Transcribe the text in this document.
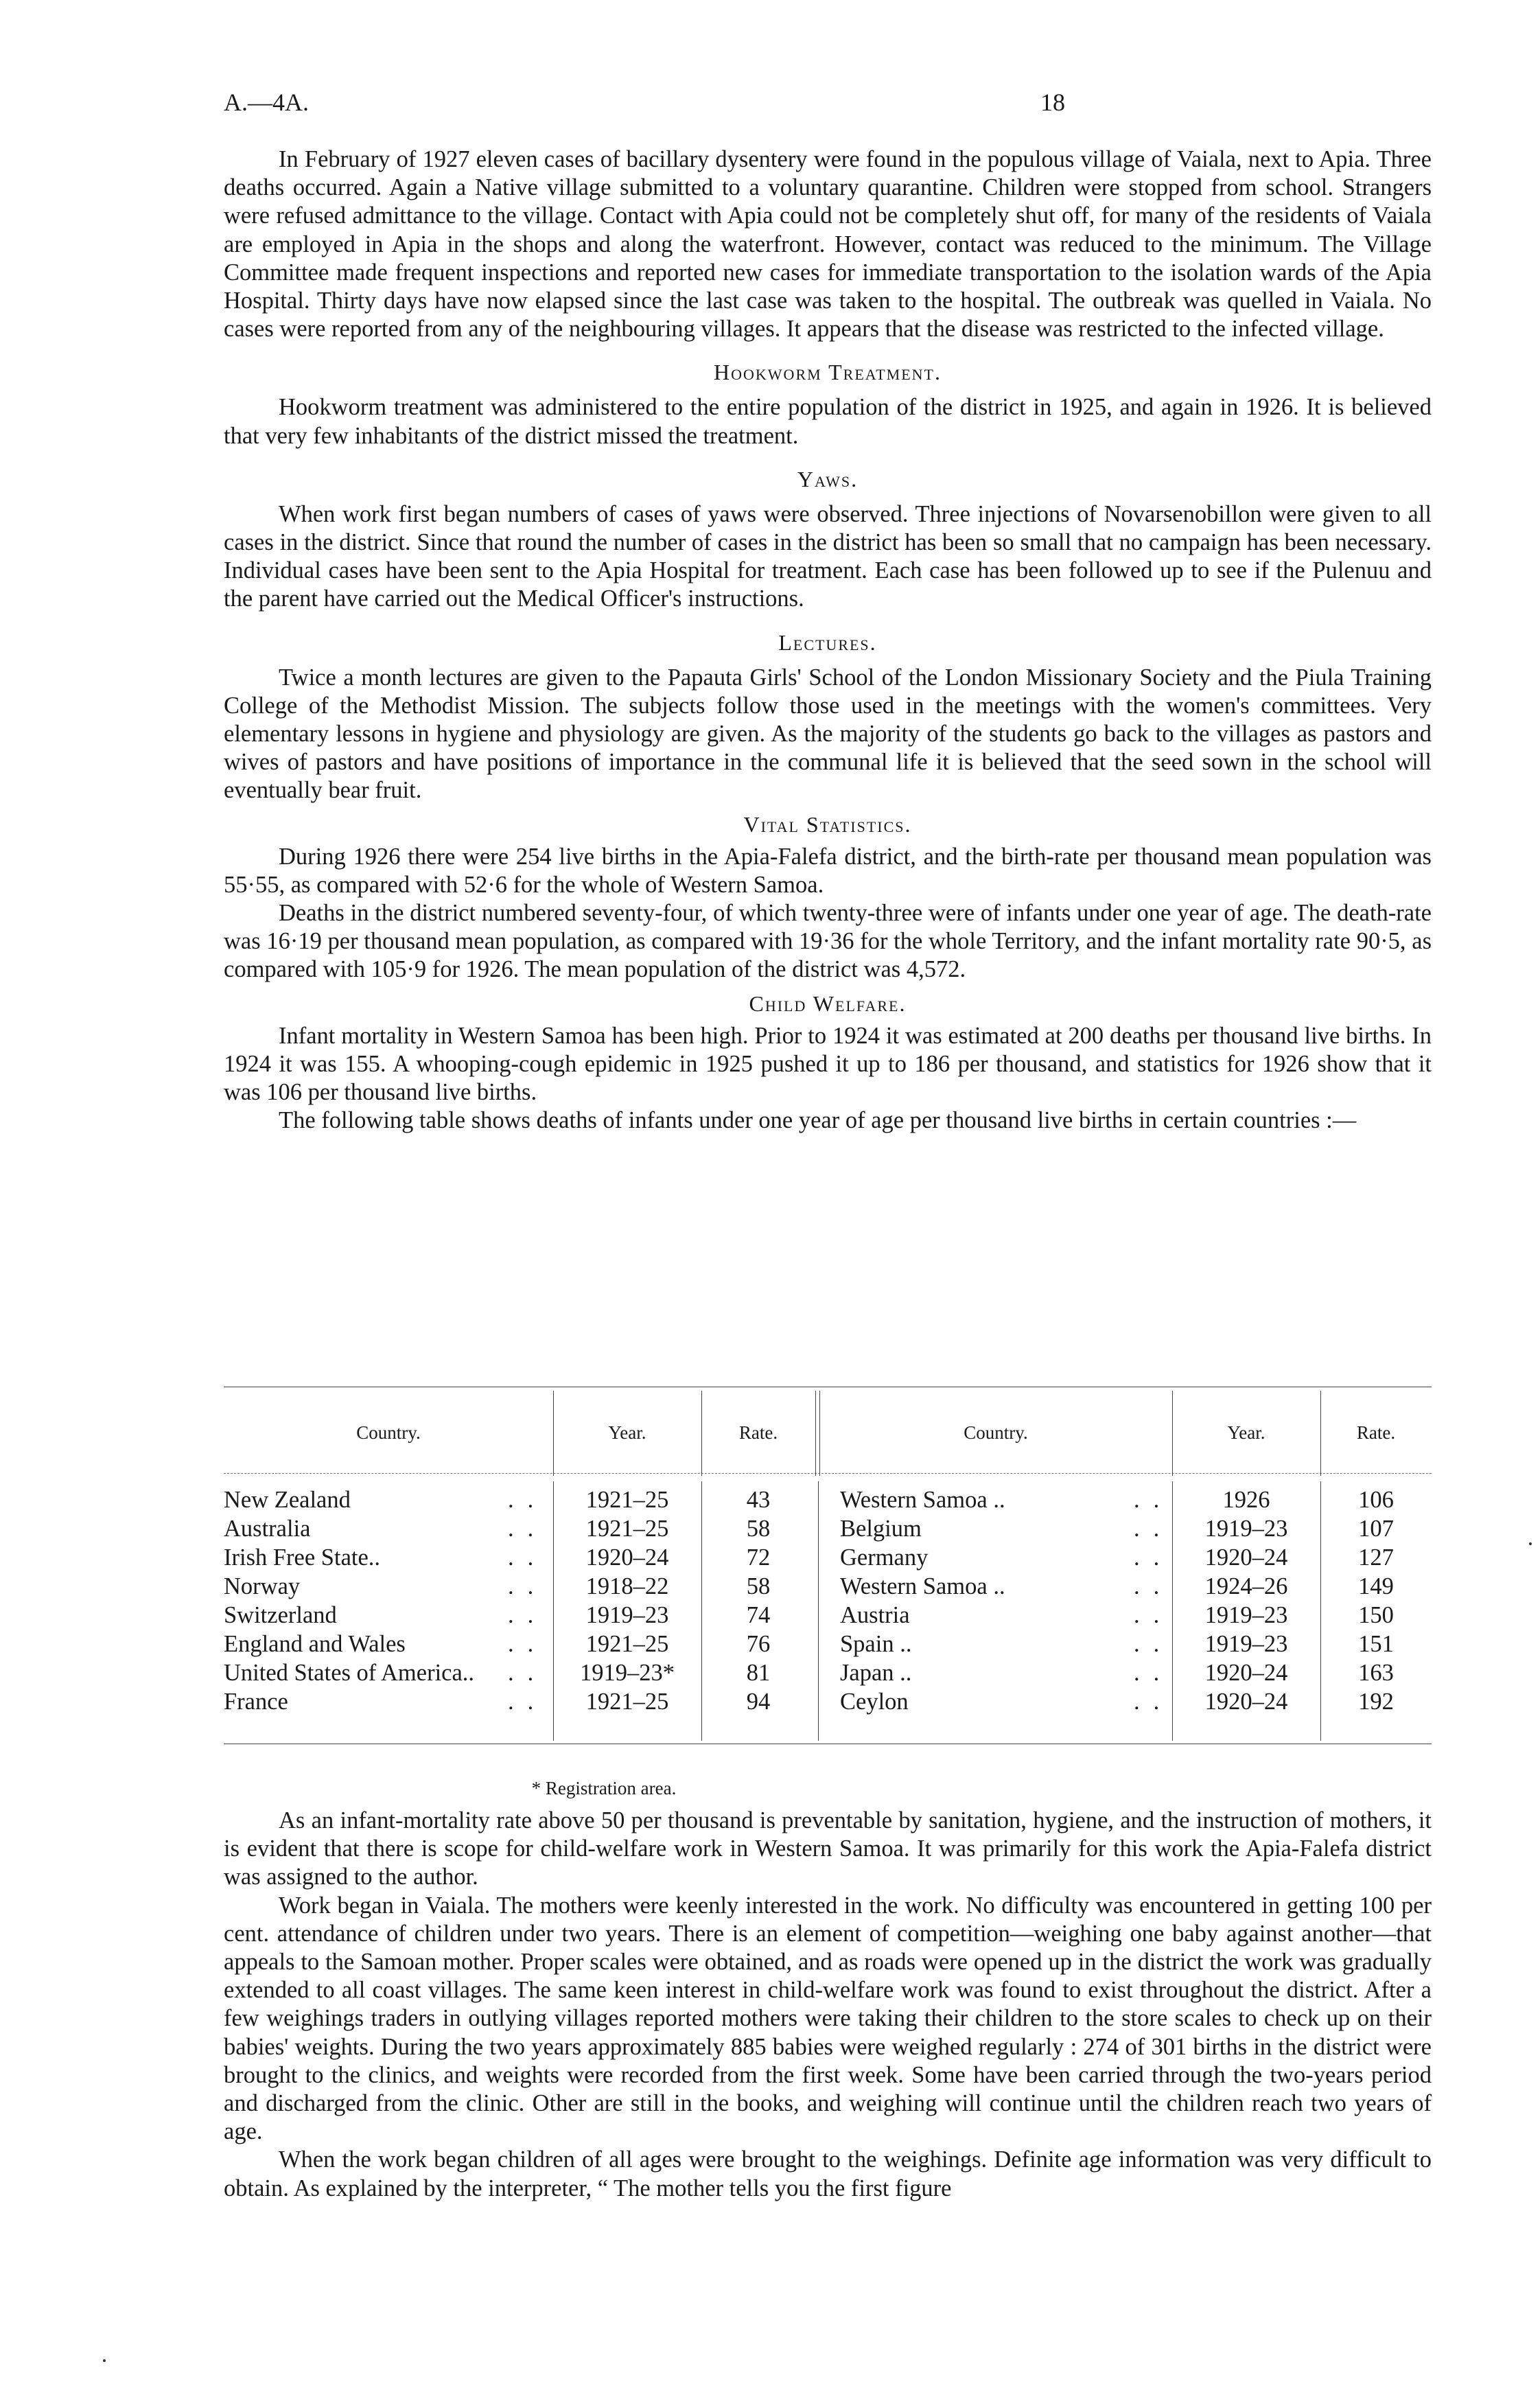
A.—4A.	18

In February of 1927 eleven cases of bacillary dysentery were found in the populous village of Vaiala, next to Apia. Three deaths occurred. Again a Native village submitted to a voluntary quarantine. Children were stopped from school. Strangers were refused admittance to the village. Contact with Apia could not be completely shut off, for many of the residents of Vaiala are employed in Apia in the shops and along the waterfront. However, contact was reduced to the minimum. The Village Committee made frequent inspections and reported new cases for immediate transportation to the isolation wards of the Apia Hospital. Thirty days have now elapsed since the last case was taken to the hospital. The outbreak was quelled in Vaiala. No cases were reported from any of the neighbouring villages. It appears that the disease was restricted to the infected village.

Hookworm Treatment.

Hookworm treatment was administered to the entire population of the district in 1925, and again in 1926. It is believed that very few inhabitants of the district missed the treatment.

Yaws.

When work first began numbers of cases of yaws were observed. Three injections of Novarsenobillon were given to all cases in the district. Since that round the number of cases in the district has been so small that no campaign has been necessary. Individual cases have been sent to the Apia Hospital for treatment. Each case has been followed up to see if the Pulenuu and the parent have carried out the Medical Officer's instructions.

Lectures.

Twice a month lectures are given to the Papauta Girls' School of the London Missionary Society and the Piula Training College of the Methodist Mission. The subjects follow those used in the meetings with the women's committees. Very elementary lessons in hygiene and physiology are given. As the majority of the students go back to the villages as pastors and wives of pastors and have positions of importance in the communal life it is believed that the seed sown in the school will eventually bear fruit.

Vital Statistics.

During 1926 there were 254 live births in the Apia-Falefa district, and the birth-rate per thousand mean population was 55·55, as compared with 52·6 for the whole of Western Samoa.

Deaths in the district numbered seventy-four, of which twenty-three were of infants under one year of age. The death-rate was 16·19 per thousand mean population, as compared with 19·36 for the whole Territory, and the infant mortality rate 90·5, as compared with 105·9 for 1926. The mean population of the district was 4,572.

Child Welfare.

Infant mortality in Western Samoa has been high. Prior to 1924 it was estimated at 200 deaths per thousand live births. In 1924 it was 155. A whooping-cough epidemic in 1925 pushed it up to 186 per thousand, and statistics for 1926 show that it was 106 per thousand live births.

The following table shows deaths of infants under one year of age per thousand live births in certain countries :—

Country.	Year.	Rate.	Country.	Year.	Rate.
New Zealand	1921–25	43	Western Samoa ..	1926	106
..	..
Australia	1921–25	58	Belgium	1919–23	107
..	..
Irish Free State..	1920–24	72	Germany	1920–24	127
..	..
Norway	1918–22	58	Western Samoa ..	1924–26	149
..	..
Switzerland	1919–23	74	Austria	1919–23	150
..	..
England and Wales	1921–25	76	Spain ..	1919–23	151
..	..
United States of America..	1919–23*	81	Japan ..	1920–24	163
..	..
France	1921–25	94	Ceylon	1920–24	192
..	..
* Registration area.

As an infant-mortality rate above 50 per thousand is preventable by sanitation, hygiene, and the instruction of mothers, it is evident that there is scope for child-welfare work in Western Samoa. It was primarily for this work the Apia-Falefa district was assigned to the author.

Work began in Vaiala. The mothers were keenly interested in the work. No difficulty was encountered in getting 100 per cent. attendance of children under two years. There is an element of competition—weighing one baby against another—that appeals to the Samoan mother. Proper scales were obtained, and as roads were opened up in the district the work was gradually extended to all coast villages. The same keen interest in child-welfare work was found to exist throughout the district. After a few weighings traders in outlying villages reported mothers were taking their children to the store scales to check up on their babies' weights. During the two years approximately 885 babies were weighed regularly : 274 of 301 births in the district were brought to the clinics, and weights were recorded from the first week. Some have been carried through the two-years period and discharged from the clinic. Other are still in the books, and weighing will continue until the children reach two years of age.

When the work began children of all ages were brought to the weighings. Definite age information was very difficult to obtain. As explained by the interpreter, “ The mother tells you the first figure
